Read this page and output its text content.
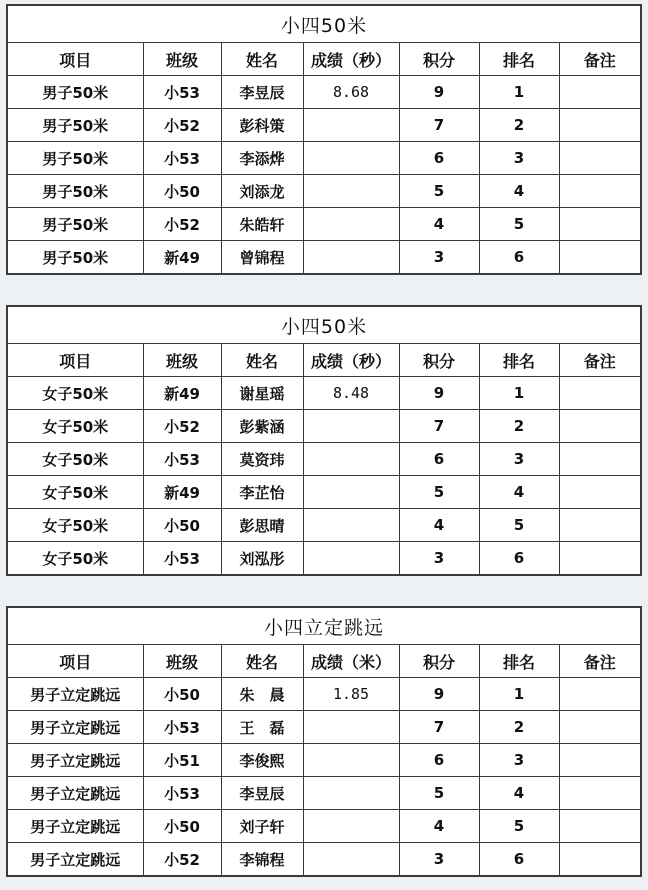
小四50米						
项目	班级	姓名	成绩（秒）	积分	排名	备注
男子50米	小53	李昱辰	8.68	9	1	
男子50米	小52	彭科策		7	2	
男子50米	小53	李添烨		6	3	
男子50米	小50	刘添龙		5	4	
男子50米	小52	朱皓轩		4	5	
男子50米	新49	曾锦程		3	6	
小四50米						
项目	班级	姓名	成绩（秒）	积分	排名	备注
女子50米	新49	谢星瑶	8.48	9	1	
女子50米	小52	彭紫涵		7	2	
女子50米	小53	莫资玮		6	3	
女子50米	新49	李芷怡		5	4	
女子50米	小50	彭思晴		4	5	
女子50米	小53	刘泓彤		3	6	
小四立定跳远						
项目	班级	姓名	成绩（米）	积分	排名	备注
男子立定跳远	小50	朱　晨	1.85	9	1	
男子立定跳远	小53	王　磊		7	2	
男子立定跳远	小51	李俊熙		6	3	
男子立定跳远	小53	李昱辰		5	4	
男子立定跳远	小50	刘子轩		4	5	
男子立定跳远	小52	李锦程		3	6	
